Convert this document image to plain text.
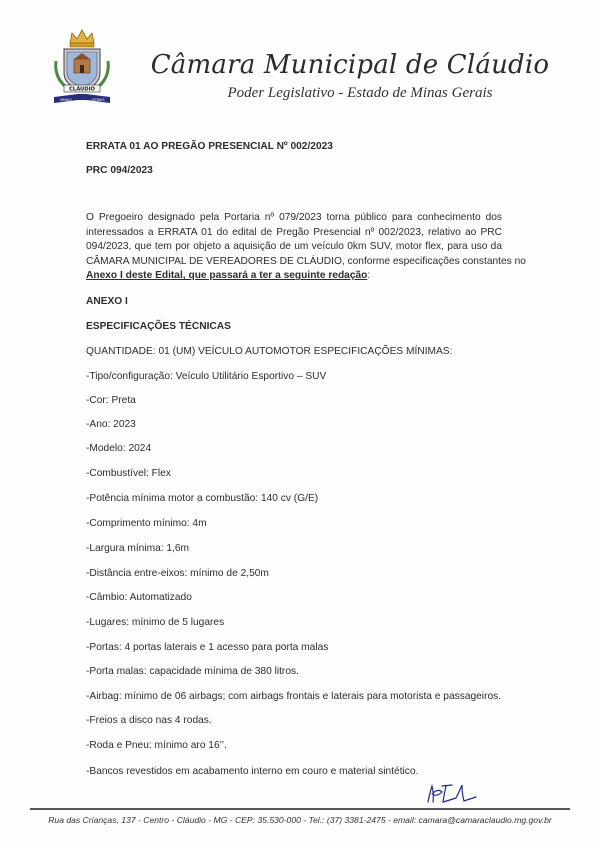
CLÁUDIO
MINAS	GERAIS
Câmara Municipal de Cláudio
Poder Legislativo - Estado de Minas Gerais
ERRATA 01 AO PREGÃO PRESENCIAL Nº 002/2023
PRC 094/2023
O Pregoeiro designado pela Portaria nº 079/2023 torna público para conhecimento dos
interessados a ERRATA 01 do edital de Pregão Presencial nº 002/2023, relativo ao PRC
094/2023, que tem por objeto a aquisição de um veículo 0km SUV, motor flex, para uso da
CÂMARA MUNICIPAL DE VEREADORES DE CLÁUDIO, conforme especificações constantes no
Anexo I deste Edital, que passará a ter a seguinte redação:
ANEXO I
ESPECIFICAÇÕES TÉCNICAS
QUANTIDADE: 01 (UM) VEÍCULO AUTOMOTOR ESPECIFICAÇÕES MÍNIMAS:
-Tipo/configuração: Veículo Utilitário Esportivo – SUV
-Cor: Preta
-Ano: 2023
-Modelo: 2024
-Combustível: Flex
-Potência mínima motor a combustão: 140 cv (G/E)
-Comprimento mínimo: 4m
-Largura mínima: 1,6m
-Distância entre-eixos: mínimo de 2,50m
-Câmbio: Automatizado
-Lugares: mínimo de 5 lugares
-Portas: 4 portas laterais e 1 acesso para porta malas
-Porta malas: capacidade mínima de 380 litros.
-Airbag: mínimo de 06 airbags; com airbags frontais e laterais para motorista e passageiros.
-Freios a disco nas 4 rodas.
-Roda e Pneu: mínimo aro 16’’.
-Bancos revestidos em acabamento interno em couro e material sintético.
Rua das Crianças, 137 - Centro - Cláudio - MG - CEP: 35.530-000 - Tel.: (37) 3381-2475 - email: camara@camaraclaudio.mg.gov.br
